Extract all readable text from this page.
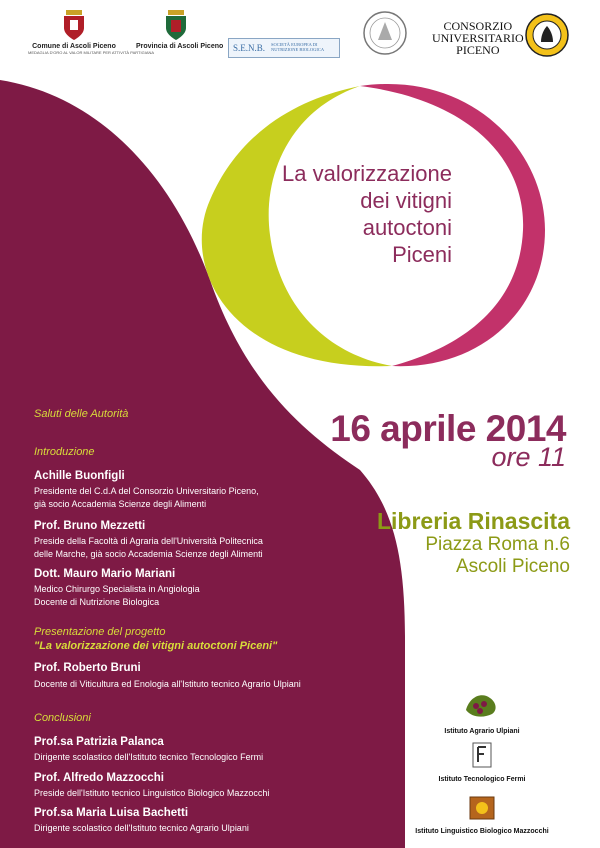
Comune di Ascoli Piceno
MEDAGLIA D'ORO AL VALOR MILITARE PER ATTIVITÀ PARTIGIANA
Provincia di Ascoli Piceno S.E.N.B. SOCIETÀ EUROPEA DI NUTRIZIONE BIOLOGICA
CONSORZIO
UNIVERSITARIO
PICENO
La valorizzazione
dei vitigni
autoctoni
Piceni
16 aprile 2014
ore 11
Libreria Rinascita
Piazza Roma n.6
Ascoli Piceno
Saluti delle Autorità
Introduzione
Achille Buonfigli
Presidente del C.d.A del Consorzio Universitario Piceno,
già socio Accademia Scienze degli Alimenti
Prof. Bruno Mezzetti
Preside della Facoltà di Agraria dell'Università Politecnica
delle Marche, già socio Accademia Scienze degli Alimenti
Dott. Mauro Mario Mariani
Medico Chirurgo Specialista in Angiologia
Docente di Nutrizione Biologica
Presentazione del progetto
"La valorizzazione dei vitigni autoctoni Piceni"
Prof. Roberto Bruni
Docente di Viticultura ed Enologia all'Istituto tecnico Agrario Ulpiani
Conclusioni
Prof.sa Patrizia Palanca
Dirigente scolastico dell'Istituto tecnico Tecnologico Fermi
Prof. Alfredo Mazzocchi
Preside dell'Istituto tecnico Linguistico Biologico Mazzocchi
Prof.sa Maria Luisa Bachetti
Dirigente scolastico dell'Istituto tecnico Agrario Ulpiani
Istituto Agrario Ulpiani
Istituto Tecnologico Fermi
Istituto Linguistico Biologico Mazzocchi
